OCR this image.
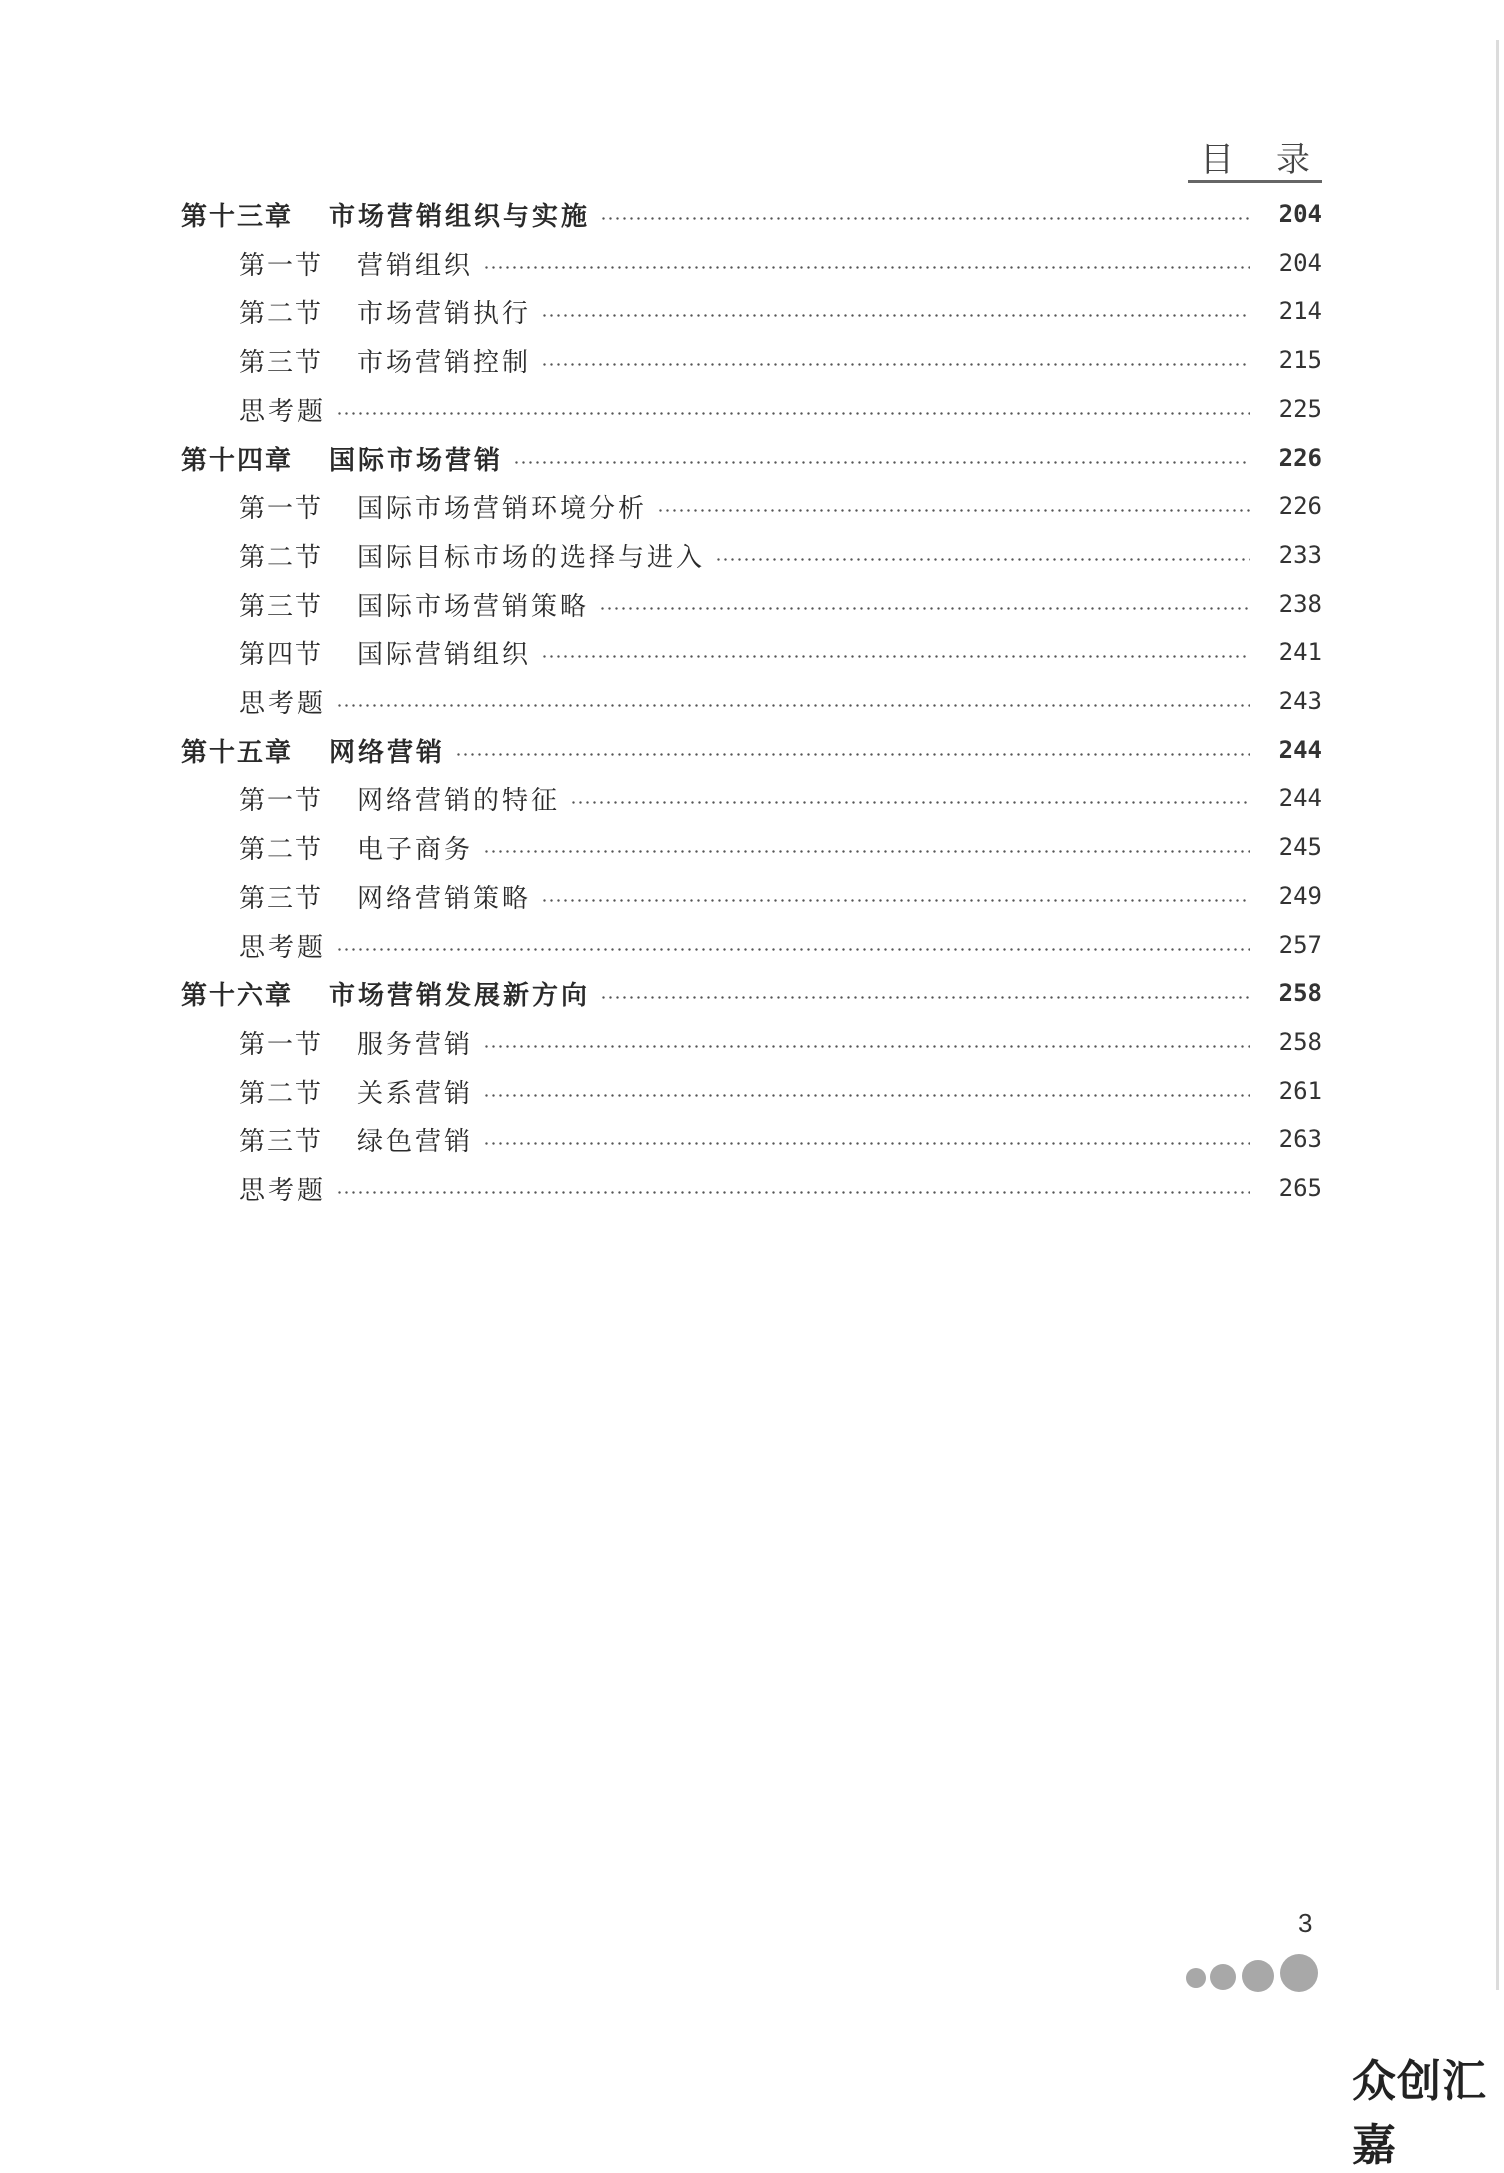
目 录
第十三章 市场营销组织与实施	204
第一节 营销组织	204
第二节 市场营销执行	214
第三节 市场营销控制	215
思考题	225
第十四章 国际市场营销	226
第一节 国际市场营销环境分析	226
第二节 国际目标市场的选择与进入	233
第三节 国际市场营销策略	238
第四节 国际营销组织	241
思考题	243
第十五章 网络营销	244
第一节 网络营销的特征	244
第二节 电子商务	245
第三节 网络营销策略	249
思考题	257
第十六章 市场营销发展新方向	258
第一节 服务营销	258
第二节 关系营销	261
第三节 绿色营销	263
思考题	265
3
众创汇嘉
